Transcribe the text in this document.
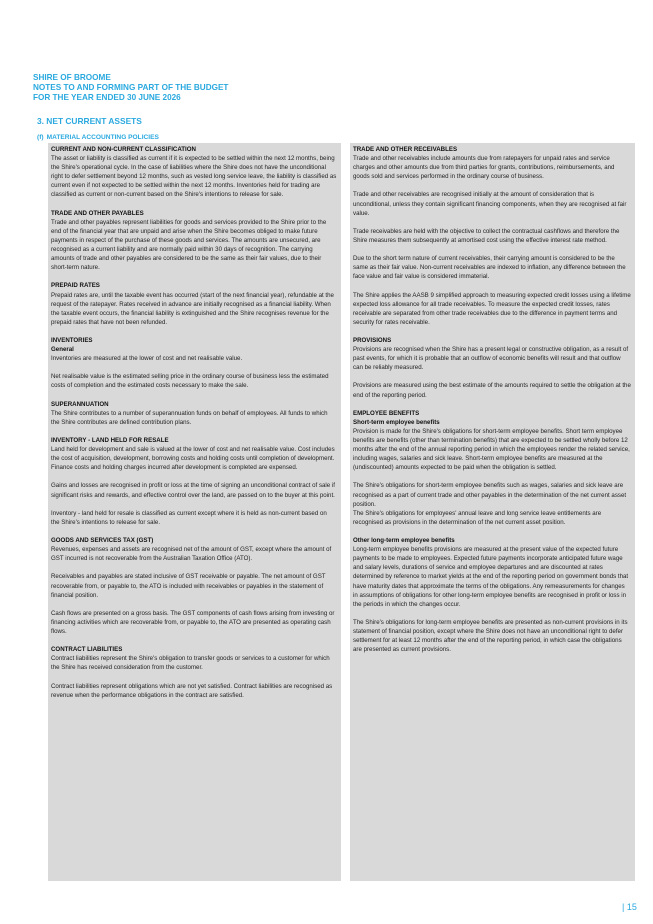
SHIRE OF BROOME
NOTES TO AND FORMING PART OF THE BUDGET
FOR THE YEAR ENDED 30 JUNE 2026
3. NET CURRENT ASSETS
(f) MATERIAL ACCOUNTING POLICIES

CURRENT AND NON-CURRENT CLASSIFICATION

The asset or liability is classified as current if it is expected to be settled within the next 12 months, being the Shire's operational cycle. In the case of liabilities where the Shire does not have the unconditional right to defer settlement beyond 12 months, such as vested long service leave, the liability is classified as current even if not expected to be settled within the next 12 months. Inventories held for trading are classified as current or non-current based on the Shire's intentions to release for sale.

TRADE AND OTHER PAYABLES

Trade and other payables represent liabilities for goods and services provided to the Shire prior to the end of the financial year that are unpaid and arise when the Shire becomes obliged to make future payments in respect of the purchase of these goods and services. The amounts are unsecured, are recognised as a current liability and are normally paid within 30 days of recognition. The carrying amounts of trade and other payables are considered to be the same as their fair values, due to their short-term nature.

PREPAID RATES

Prepaid rates are, until the taxable event has occurred (start of the next financial year), refundable at the request of the ratepayer. Rates received in advance are initially recognised as a financial liability. When the taxable event occurs, the financial liability is extinguished and the Shire recognises revenue for the prepaid rates that have not been refunded.

INVENTORIES

General

Inventories are measured at the lower of cost and net realisable value.

Net realisable value is the estimated selling price in the ordinary course of business less the estimated costs of completion and the estimated costs necessary to make the sale.

SUPERANNUATION

The Shire contributes to a number of superannuation funds on behalf of employees. All funds to which the Shire contributes are defined contribution plans.

INVENTORY - LAND HELD FOR RESALE

Land held for development and sale is valued at the lower of cost and net realisable value. Cost includes the cost of acquisition, development, borrowing costs and holding costs until completion of development. Finance costs and holding charges incurred after development is completed are expensed.

Gains and losses are recognised in profit or loss at the time of signing an unconditional contract of sale if significant risks and rewards, and effective control over the land, are passed on to the buyer at this point.

Inventory - land held for resale is classified as current except where it is held as non-current based on the Shire's intentions to release for sale.

GOODS AND SERVICES TAX (GST)

Revenues, expenses and assets are recognised net of the amount of GST, except where the amount of GST incurred is not recoverable from the Australian Taxation Office (ATO).

Receivables and payables are stated inclusive of GST receivable or payable. The net amount of GST recoverable from, or payable to, the ATO is included with receivables or payables in the statement of financial position.

Cash flows are presented on a gross basis. The GST components of cash flows arising from investing or financing activities which are recoverable from, or payable to, the ATO are presented as operating cash flows.

CONTRACT LIABILITIES

Contract liabilities represent the Shire's obligation to transfer goods or services to a customer for which the Shire has received consideration from the customer.

Contract liabilities represent obligations which are not yet satisfied. Contract liabilities are recognised as revenue when the performance obligations in the contract are satisfied.

TRADE AND OTHER RECEIVABLES

Trade and other receivables include amounts due from ratepayers for unpaid rates and service charges and other amounts due from third parties for grants, contributions, reimbursements, and goods sold and services performed in the ordinary course of business.

Trade and other receivables are recognised initially at the amount of consideration that is unconditional, unless they contain significant financing components, when they are recognised at fair value.

Trade receivables are held with the objective to collect the contractual cashflows and therefore the Shire measures them subsequently at amortised cost using the effective interest rate method.

Due to the short term nature of current receivables, their carrying amount is considered to be the same as their fair value. Non-current receivables are indexed to inflation, any difference between the face value and fair value is considered immaterial.

The Shire applies the AASB 9 simplified approach to measuring expected credit losses using a lifetime expected loss allowance for all trade receivables. To measure the expected credit losses, rates receivable are separated from other trade receivables due to the difference in payment terms and security for rates receivable.

PROVISIONS

Provisions are recognised when the Shire has a present legal or constructive obligation, as a result of past events, for which it is probable that an outflow of economic benefits will result and that outflow can be reliably measured.

Provisions are measured using the best estimate of the amounts required to settle the obligation at the end of the reporting period.

EMPLOYEE BENEFITS

Short-term employee benefits

Provision is made for the Shire's obligations for short-term employee benefits. Short term employee benefits are benefits (other than termination benefits) that are expected to be settled wholly before 12 months after the end of the annual reporting period in which the employees render the related service, including wages, salaries and sick leave. Short-term employee benefits are measured at the (undiscounted) amounts expected to be paid when the obligation is settled.

The Shire's obligations for short-term employee benefits such as wages, salaries and sick leave are recognised as a part of current trade and other payables in the determination of the net current asset position.

The Shire's obligations for employees' annual leave and long service leave entitlements are recognised as provisions in the determination of the net current asset position.

Other long-term employee benefits

Long-term employee benefits provisions are measured at the present value of the expected future payments to be made to employees. Expected future payments incorporate anticipated future wage and salary levels, durations of service and employee departures and are discounted at rates determined by reference to market yields at the end of the reporting period on government bonds that have maturity dates that approximate the terms of the obligations. Any remeasurements for changes in assumptions of obligations for other long-term employee benefits are recognised in profit or loss in the periods in which the changes occur.

The Shire's obligations for long-term employee benefits are presented as non-current provisions in its statement of financial position, except where the Shire does not have an unconditional right to defer settlement for at least 12 months after the end of the reporting period, in which case the obligations are presented as current provisions.

| 15
